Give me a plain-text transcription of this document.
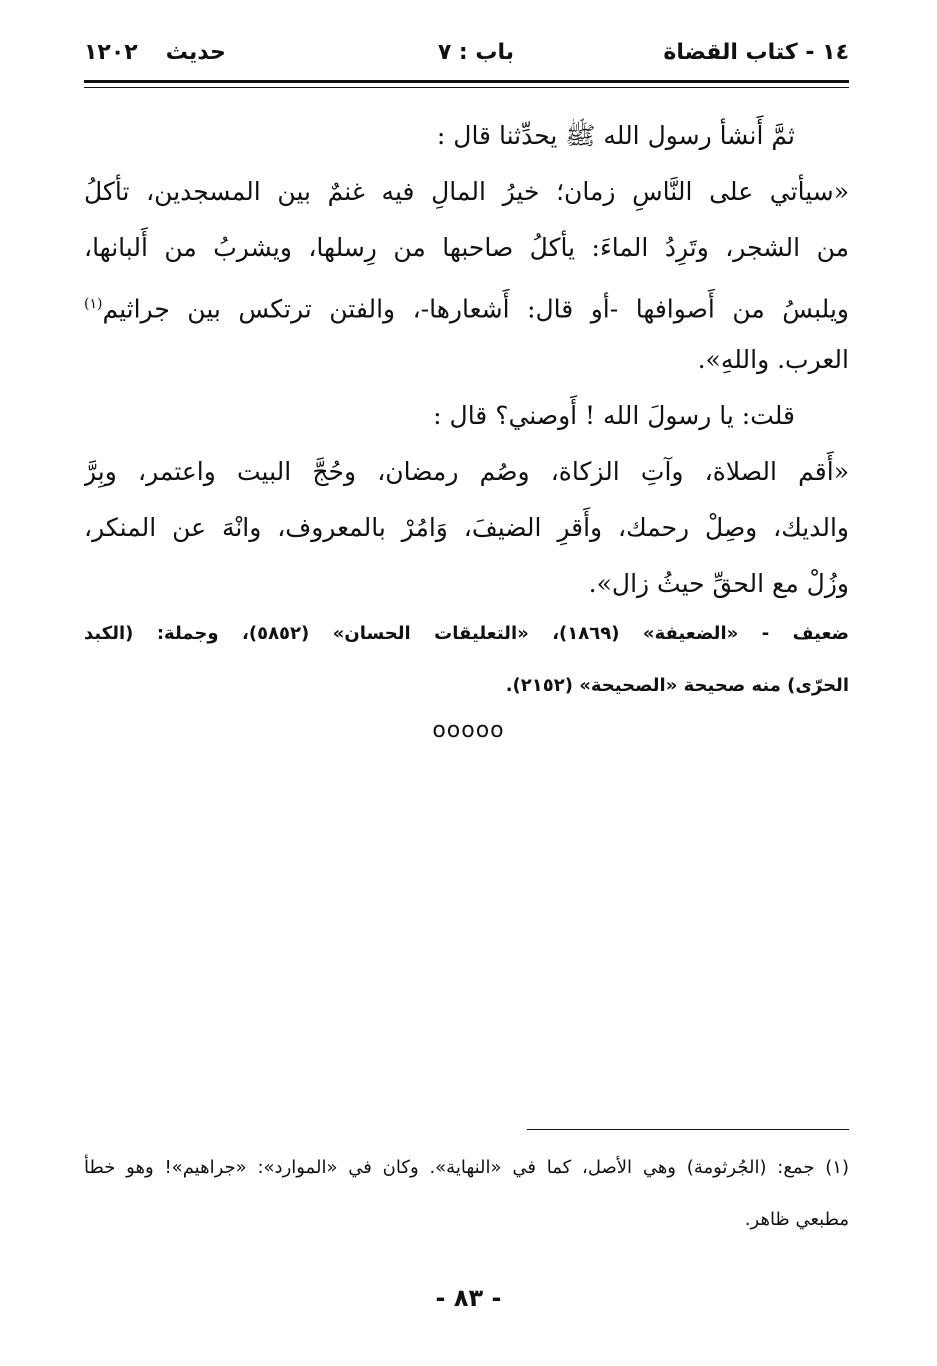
١٤ - كتاب القضاة
باب : ٧
حديث١٢٠٢
ثمَّ أَنشأ رسول الله ﷺ يحدِّثنا قال :
«سيأتي على النَّاسِ زمان؛ خيرُ المالِ فيه غنمٌ بين المسجدين، تأكلُ
من الشجر، وتَرِدُ الماءَ: يأكلُ صاحبها من رِسلها، ويشربُ من أَلبانها،
ويلبسُ من أَصوافها -أو قال: أَشعارها-، والفتن ترتكس بين جراثيم$^{(١)}$
العرب. واللهِ».
قلت: يا رسولَ الله ! أَوصني؟ قال :
«أَقم الصلاة، وآتِ الزكاة، وصُم رمضان، وحُجَّ البيت واعتمر، وبِرَّ
والديك، وصِلْ رحمك، وأَقرِ الضيفَ، وَامُرْ بالمعروف، وانْهَ عن المنكر،
وزُلْ مع الحقِّ حيثُ زال».
ضعيف - «الضعيفة» (١٨٦٩)، «التعليقات الحسان» (٥٨٥٢)، وجملة: (الكبد
الحرّى) منه صحيحة «الصحيحة» (٢١٥٢).
ooooo
(١) جمع: (الجُرثومة) وهي الأصل، كما في «النهاية». وكان في «الموارد»: «جراهيم»! وهو خطأ
مطبعي ظاهر.
- ٨٣ -
